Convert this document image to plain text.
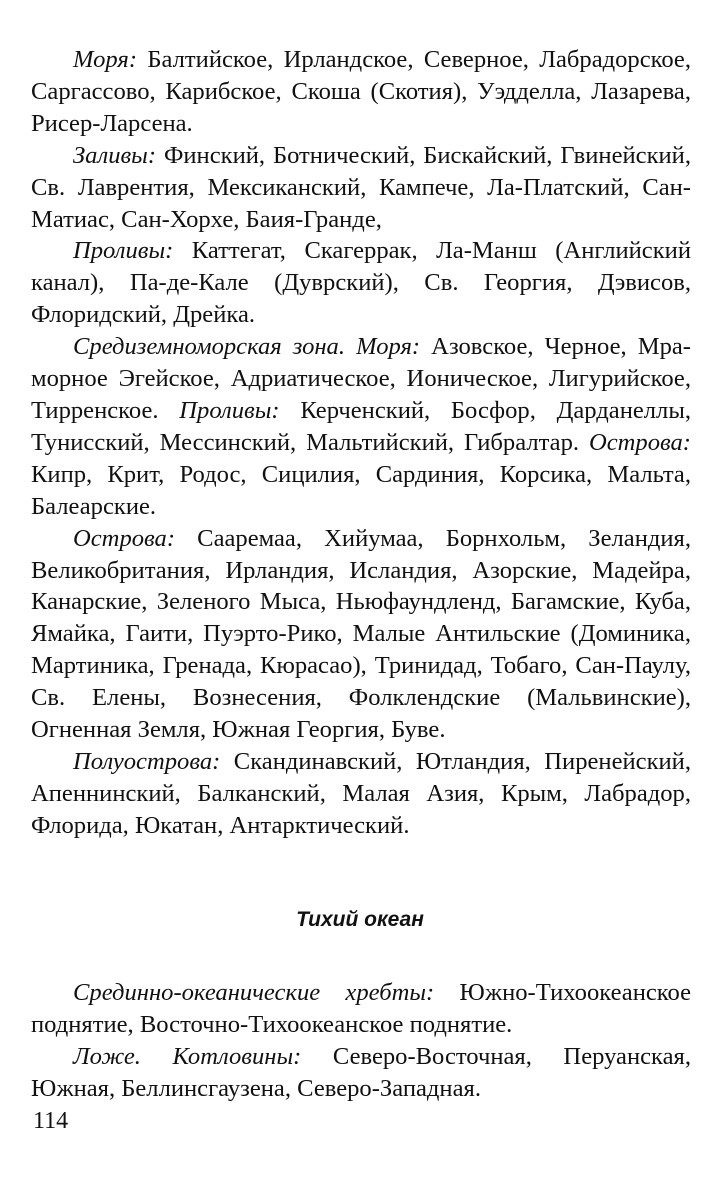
Моря: Балтийское, Ирландское, Северное, Лабрадорское, Саргассово, Карибское, Скоша (Скотия), Уэдделла, Лазарева, Рисер-Ларсена.

Заливы: Финский, Ботнический, Бискайский, Гвинейский, Св. Лаврентия, Мексиканский, Кампече, Ла-Платский, Сан-Матиас, Сан-Хорхе, Баия-Гранде,

Проливы: Каттегат, Скагеррак, Ла-Манш (Английский канал), Па-де-Кале (Дуврский), Св. Георгия, Дэвисов, Флоридский, Дрейка.

Средиземноморская зона. Моря: Азовское, Черное, Мраморное Эгейское, Адриатическое, Ионическое, Лигурийское, Тирренское. Проливы: Керченский, Босфор, Дарданеллы, Тунисский, Мессинский, Мальтийский, Гибралтар. Острова: Кипр, Крит, Родос, Сицилия, Сардиния, Корсика, Мальта, Балеарские.

Острова: Сааремаа, Хийумаа, Борнхольм, Зеландия, Великобритания, Ирландия, Исландия, Азорские, Мадейра, Канарские, Зеленого Мыса, Ньюфаундленд, Багамские, Куба, Ямайка, Гаити, Пуэрто-Рико, Малые Антильские (Доминика, Мартиника, Гренада, Кюрасао), Тринидад, Тобаго, Сан-Паулу, Св. Елены, Вознесения, Фолклендские (Мальвинские), Огненная Земля, Южная Георгия, Буве.

Полуострова: Скандинавский, Ютландия, Пиренейский, Апеннинский, Балканский, Малая Азия, Крым, Лабрадор, Флорида, Юкатан, Антарктический.

Тихий океан

Срединно-океанические хребты: Южно-Тихоокеанское поднятие, Восточно-Тихоокеанское поднятие.

Ложе. Котловины: Северо-Восточная, Перуанская, Южная, Беллинсгаузена, Северо-Западная.

114
